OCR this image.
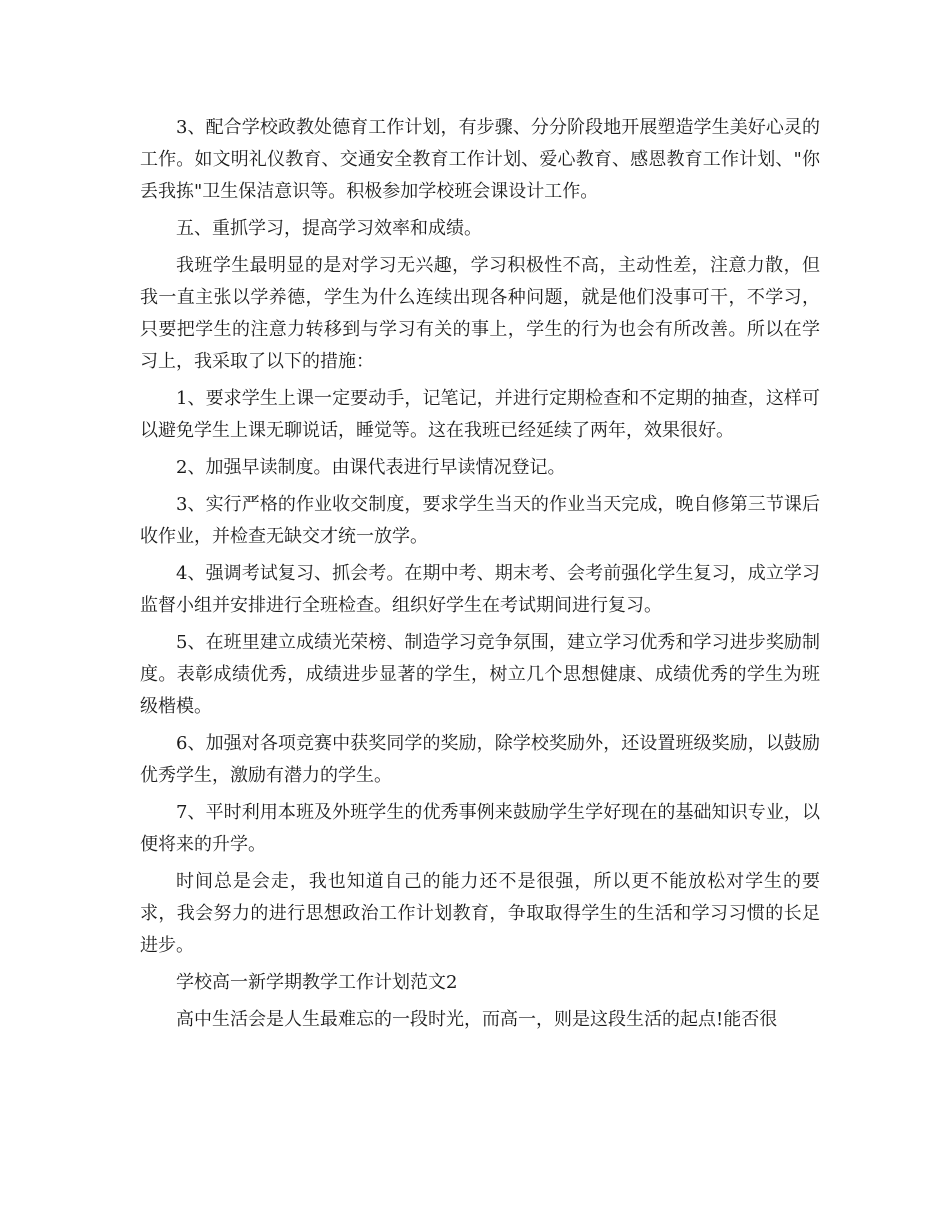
3、配合学校政教处德育工作计划，有步骤、分分阶段地开展塑造学生美好心灵的工作。如文明礼仪教育、交通安全教育工作计划、爱心教育、感恩教育工作计划、"你丢我拣"卫生保洁意识等。积极参加学校班会课设计工作。

五、重抓学习，提高学习效率和成绩。

我班学生最明显的是对学习无兴趣，学习积极性不高，主动性差，注意力散，但我一直主张以学养德，学生为什么连续出现各种问题，就是他们没事可干，不学习，只要把学生的注意力转移到与学习有关的事上，学生的行为也会有所改善。所以在学习上，我采取了以下的措施：

1、要求学生上课一定要动手，记笔记，并进行定期检查和不定期的抽查，这样可以避免学生上课无聊说话，睡觉等。这在我班已经延续了两年，效果很好。

2、加强早读制度。由课代表进行早读情况登记。

3、实行严格的作业收交制度，要求学生当天的作业当天完成，晚自修第三节课后收作业，并检查无缺交才统一放学。

4、强调考试复习、抓会考。在期中考、期末考、会考前强化学生复习，成立学习监督小组并安排进行全班检查。组织好学生在考试期间进行复习。

5、在班里建立成绩光荣榜、制造学习竞争氛围，建立学习优秀和学习进步奖励制度。表彰成绩优秀，成绩进步显著的学生，树立几个思想健康、成绩优秀的学生为班级楷模。

6、加强对各项竞赛中获奖同学的奖励，除学校奖励外，还设置班级奖励，以鼓励优秀学生，激励有潜力的学生。

7、平时利用本班及外班学生的优秀事例来鼓励学生学好现在的基础知识专业，以便将来的升学。

时间总是会走，我也知道自己的能力还不是很强，所以更不能放松对学生的要求，我会努力的进行思想政治工作计划教育，争取取得学生的生活和学习习惯的长足进步。

学校高一新学期教学工作计划范文2

高中生活会是人生最难忘的一段时光，而高一，则是这段生活的起点!能否很
